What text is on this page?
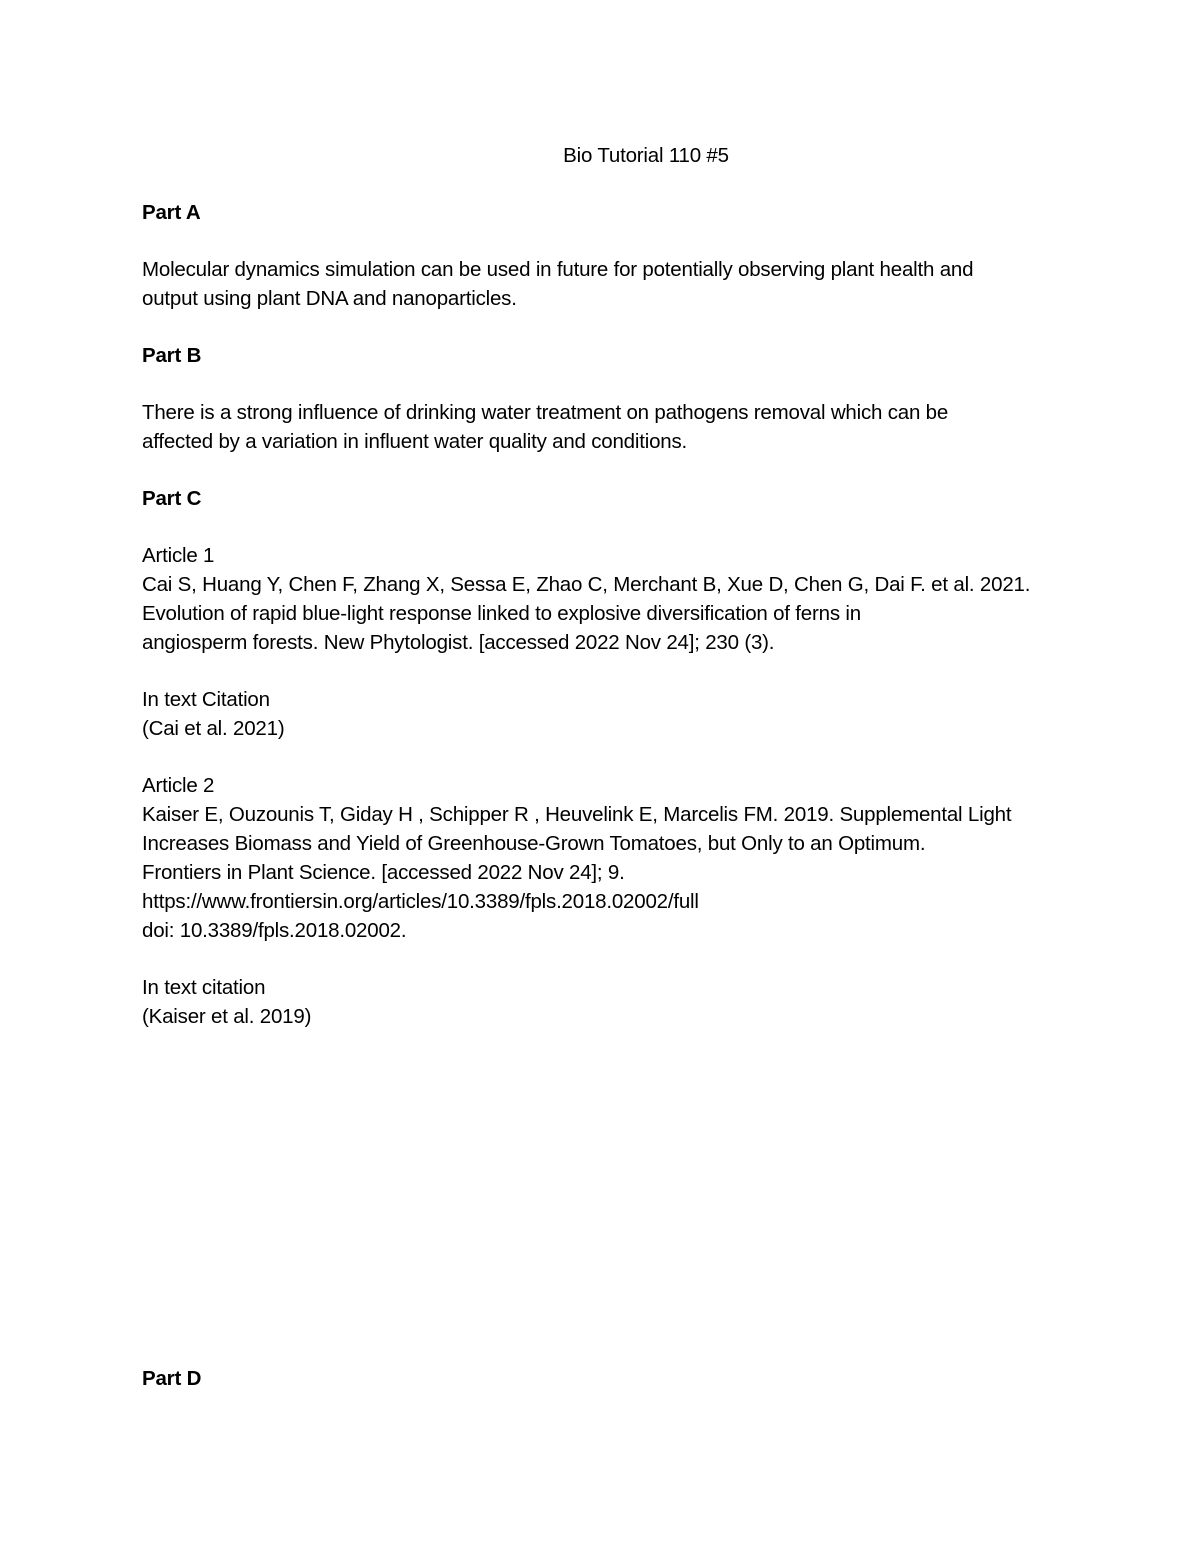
Bio Tutorial 110 #5
Part A

Molecular dynamics simulation can be used in future for potentially observing plant health and
output using plant DNA and nanoparticles.

Part B

There is a strong influence of drinking water treatment on pathogens removal which can be
affected by a variation in influent water quality and conditions.

Part C
Article 1
Cai S, Huang Y, Chen F, Zhang X, Sessa E, Zhao C, Merchant B, Xue D, Chen G, Dai F. et al. 2021.
Evolution of rapid blue-light response linked to explosive diversification of ferns in
angiosperm forests. New Phytologist. [accessed 2022 Nov 24]; 230 (3).
In text Citation
(Cai et al. 2021)
Article 2
Kaiser E, Ouzounis T, Giday H , Schipper R , Heuvelink E, Marcelis FM. 2019. Supplemental Light
Increases Biomass and Yield of Greenhouse-Grown Tomatoes, but Only to an Optimum.
Frontiers in Plant Science. [accessed 2022 Nov 24]; 9.
https://www.frontiersin.org/articles/10.3389/fpls.2018.02002/full
doi: 10.3389/fpls.2018.02002.
In text citation
(Kaiser et al. 2019)
Part D
